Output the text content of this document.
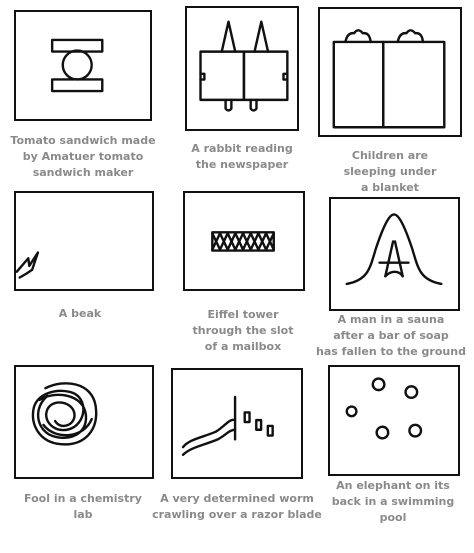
Tomato sandwich made
by Amatuer tomato
sandwich maker
A rabbit reading
the newspaper
Children are
sleeping under
a blanket
A beak	Eiffel tower
through the slot
of a mailbox
A man in a sauna
after a bar of soap
has fallen to the ground
Fool in a chemistry
lab
A very determined worm
crawling over a razor blade
An elephant on its
back in a swimming
pool
